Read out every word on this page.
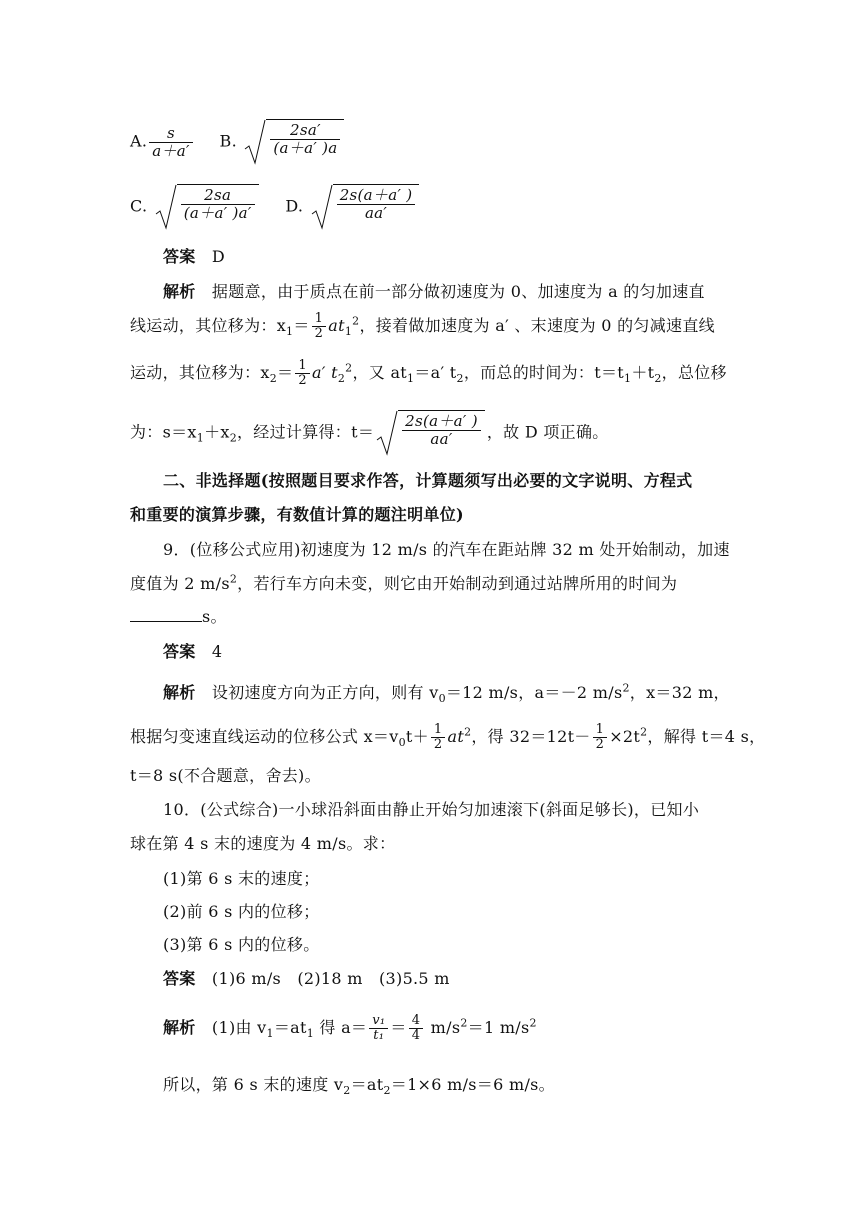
A. $\frac{s}{a+a'} B$. $\frac{2sa'}{(a+a' )a}$
C. $\frac{2sa}{(a+a' )a'} D$. $\frac{2s(a+a' )}{aa'}$
答案　 D
解析　 据题意，由于质点在前一部分做初速度为 0、加速度为 a 的匀加速直
线运动，其位移为：$x_1= \frac{1}{2} at_1^2$，接着做加速度为 a′ 、末速度为 0 的匀减速直线
运动，其位移为：$x_2= \frac{1}{2} a'$ $t_2^2$，又 $at_1=a'$ $t_2$，而总的时间为：$t=t_1+t_2$，总位移
为：$s=x_1+x_2$，经过计算得：$t= \frac{2s(a+a' )}{aa'}$ ，故 D 项正确。
二、非选择题(按照题目要求作答，计算题须写出必要的文字说明、方程式
和重要的演算步骤，有数值计算的题注明单位)
9．(位移公式应用)初速度为 12 m/s 的汽车在距站牌 32 m 处开始制动，加速
度值为 2 $m/s^2$，若行车方向未变，则它由开始制动到通过站牌所用的时间为
s。
答案　 4
解析　 设初速度方向为正方向，则有 $v_0=12$ m/s，a＝－2 $m/s^2$，x＝32 m，
根据匀变速直线运动的位移公式 $x=v_0t+ \frac{1}{2} at^2$，得 $32=12t- \frac{1}{2} \times 2t^2$，解得 t＝4 s，
t＝8 s(不合题意，舍去)。
10．(公式综合)一小球沿斜面由静止开始匀加速滚下(斜面足够长)，已知小
球在第 4 s 末的速度为 4 m/s。求：
(1)第 6 s 末的速度；
(2)前 6 s 内的位移；
(3)第 6 s 内的位移。
答案　 (1)6 m/s　(2)18 m　(3)5.5 m
解析　 (1)由 $v_1=at_1$ 得 $a= \frac{\text{v₁}}{\text{t₁}} = \frac{4}{4} m/s^2=1$ $m/s^2$
所以，第 6 s 末的速度 $v_2=at_2=1\times 6$ m/s＝6 m/s。
